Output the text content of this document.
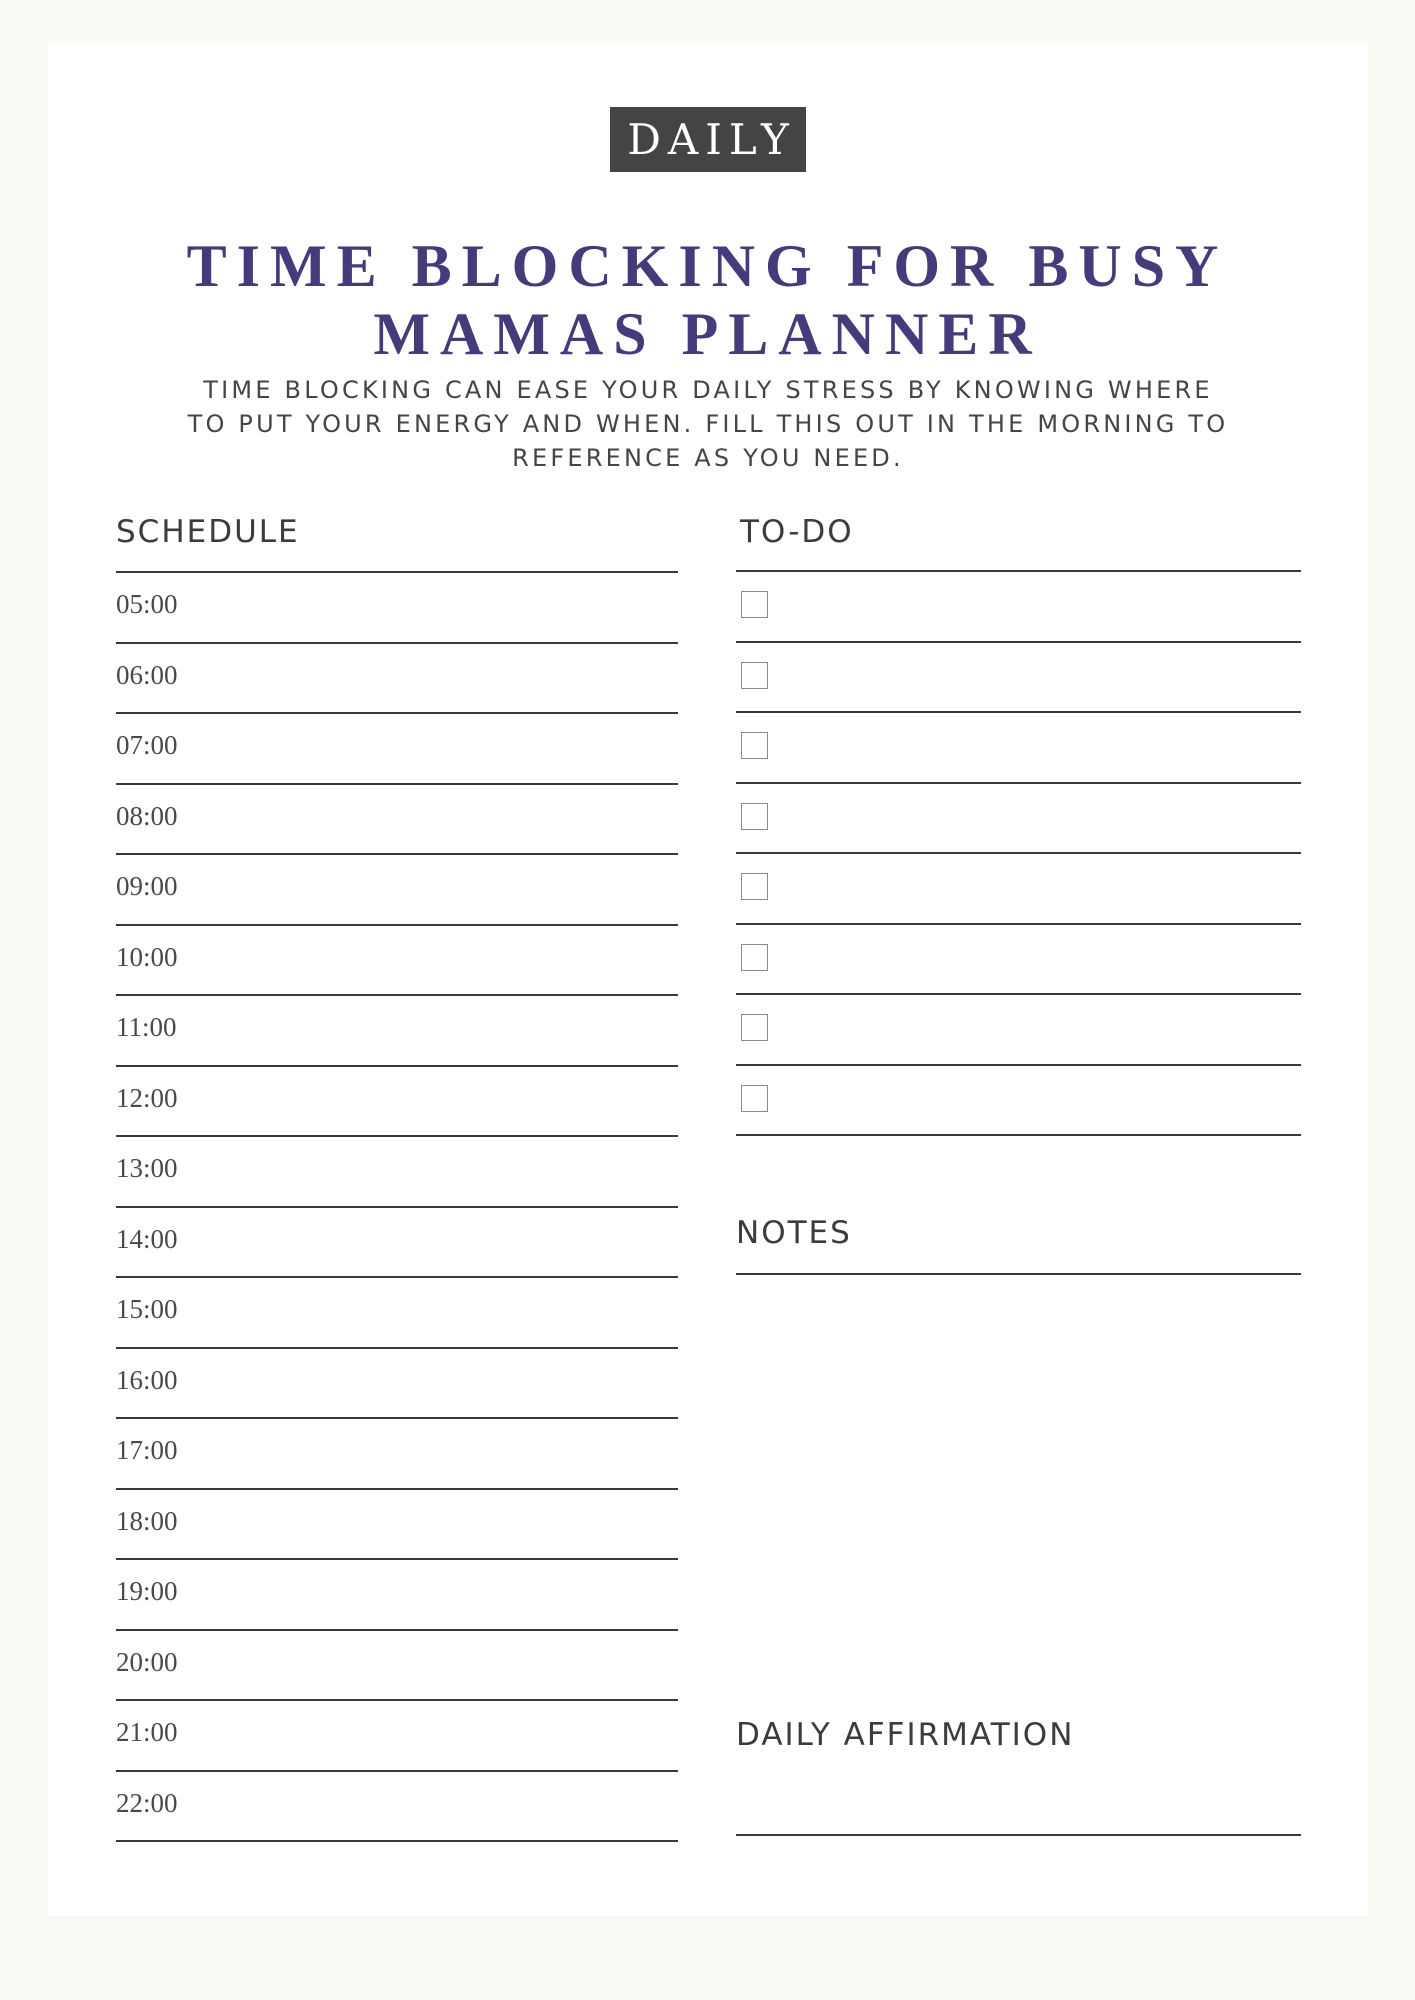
DAILY
TIME BLOCKING FOR BUSY
MAMAS PLANNER

TIME BLOCKING CAN EASE YOUR DAILY STRESS BY KNOWING WHERE
TO PUT YOUR ENERGY AND WHEN. FILL THIS OUT IN THE MORNING TO
REFERENCE AS YOU NEED.

SCHEDULE
05:00
06:00
07:00
08:00
09:00
10:00
11:00
12:00
13:00
14:00
15:00
16:00
17:00
18:00
19:00
20:00
21:00
22:00
TO-DO
NOTES
DAILY AFFIRMATION
